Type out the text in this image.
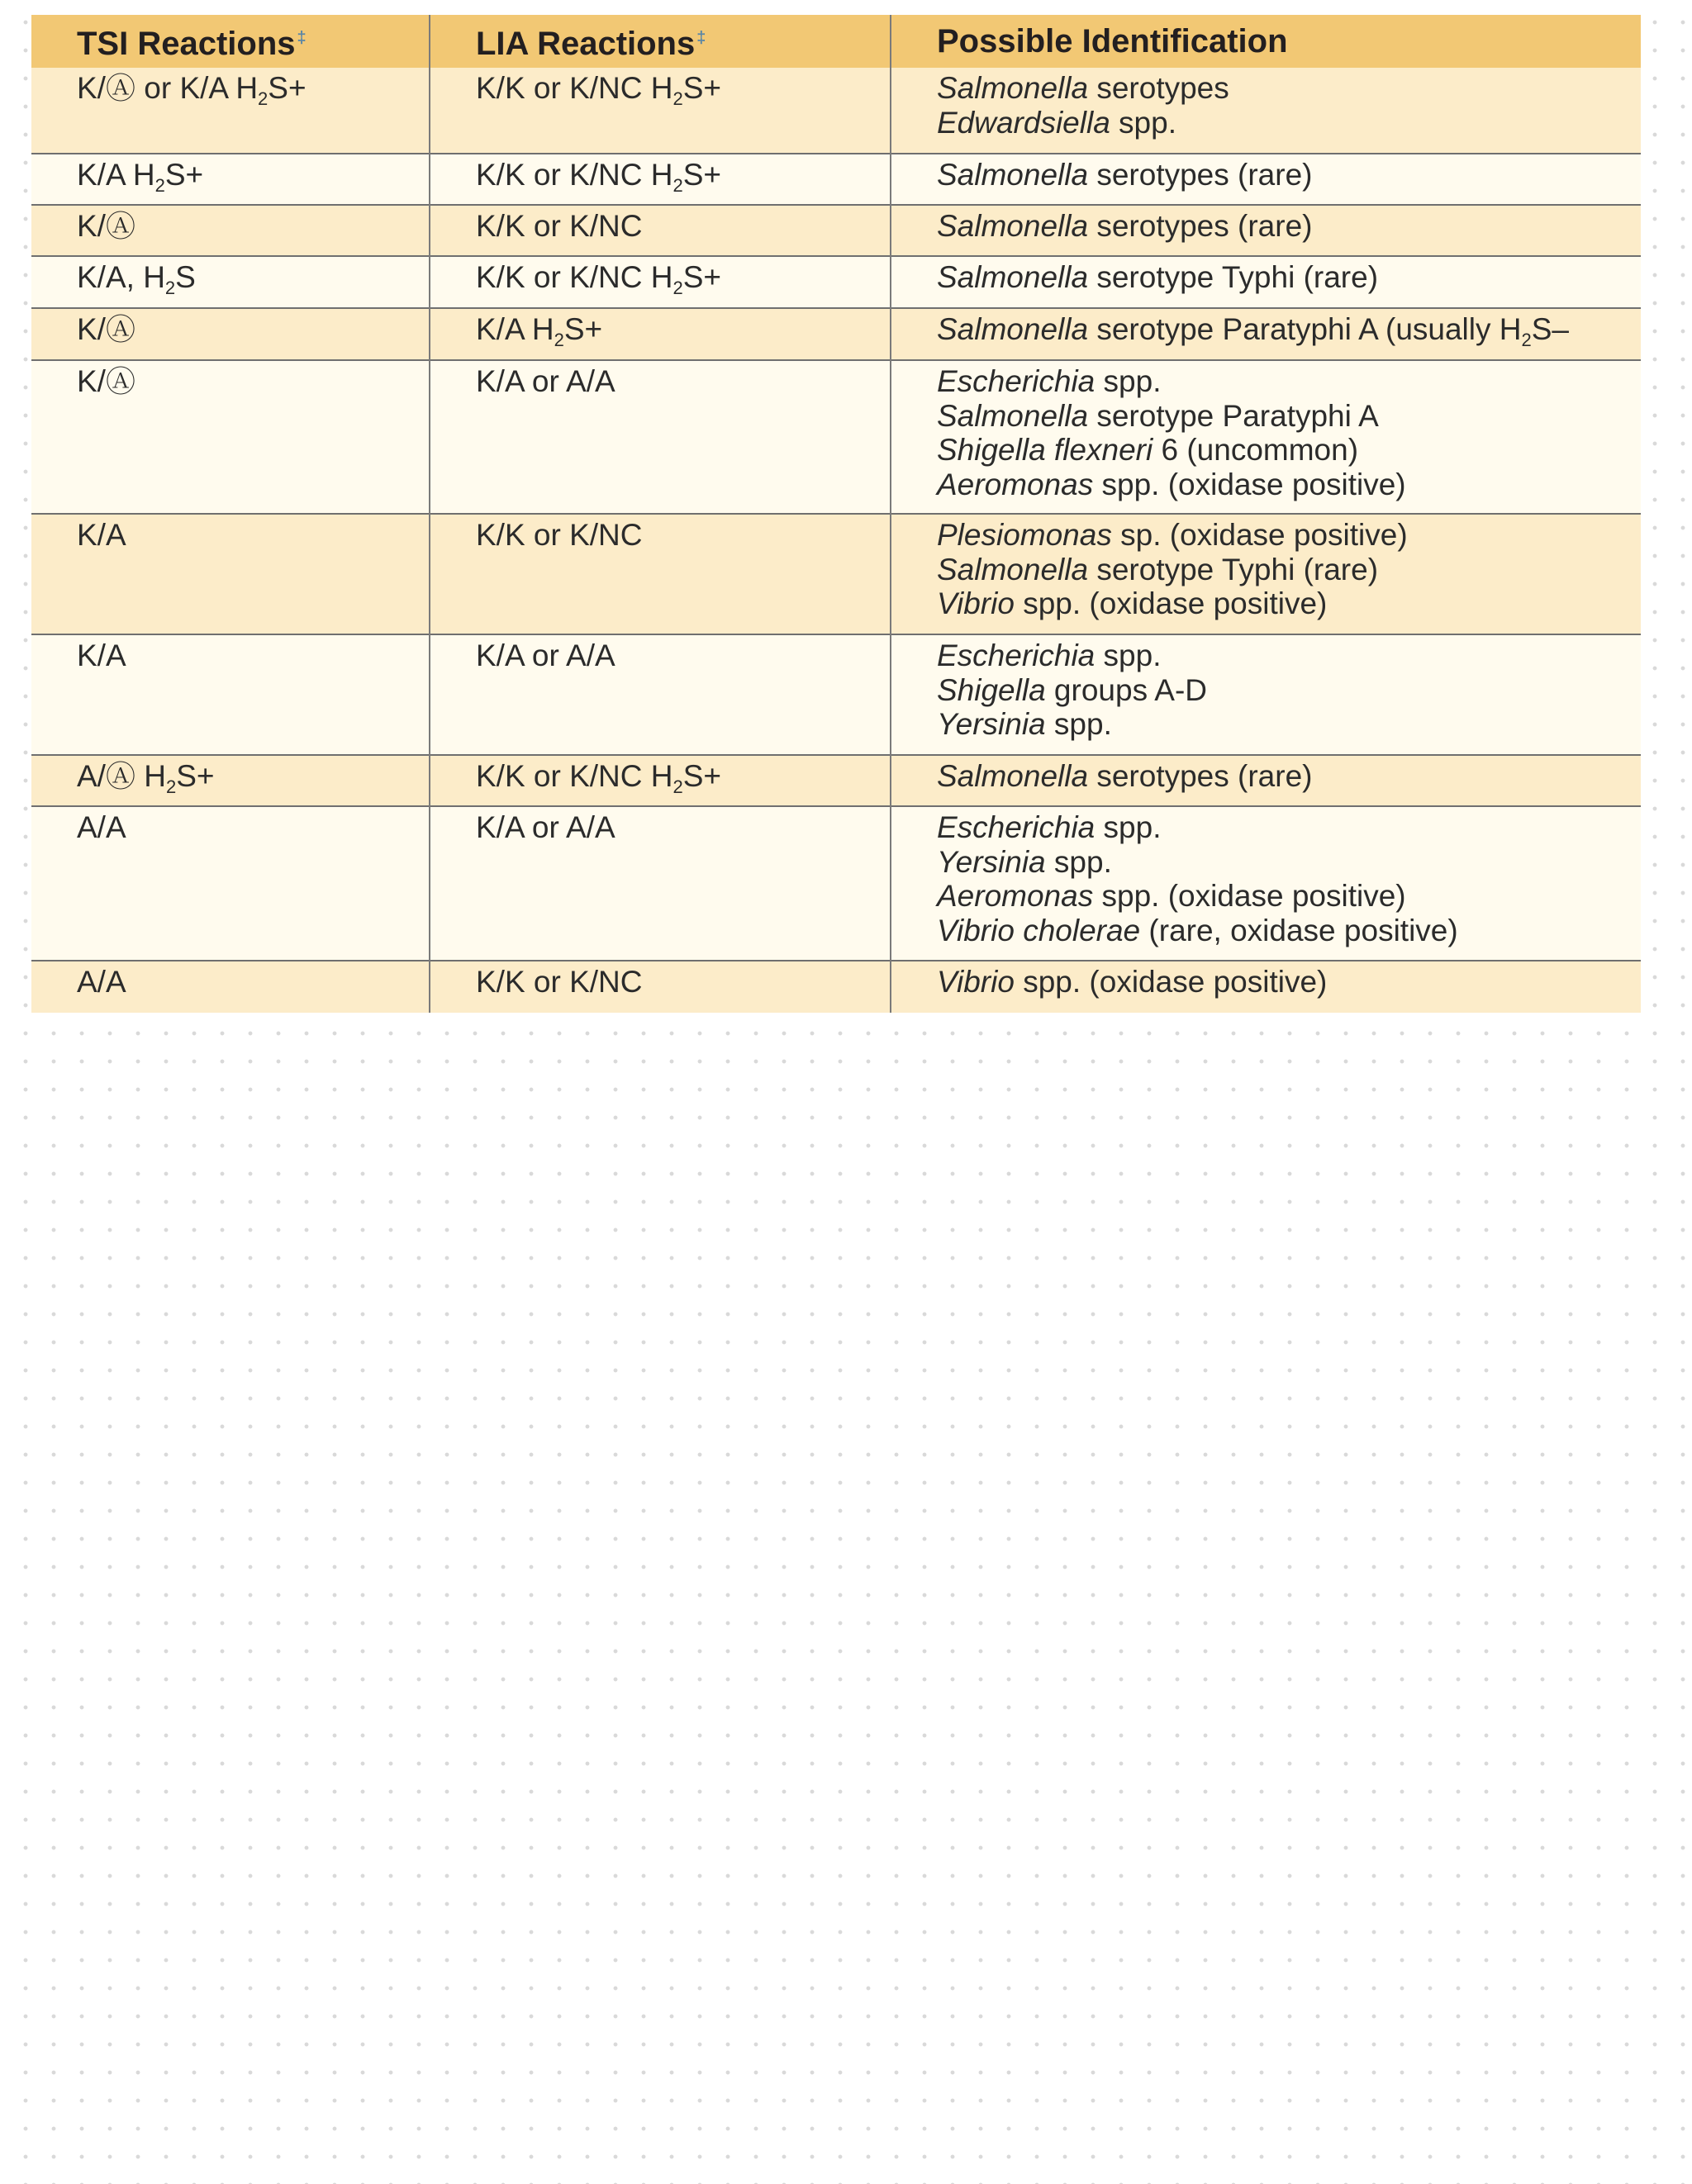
TSI Reactions ‡	LIA Reactions ‡	Possible Identification
K/Ⓐ or K/A $H_2S+$	K/K or K/NC $H_2S+$	Salmonella serotypes
Edwardsiella spp.

K/A $H_2S+$	K/K or K/NC $H_2S+$	Salmonella serotypes (rare)

K/Ⓐ	K/K or K/NC	Salmonella serotypes (rare)

K/A, $H_2S$	K/K or K/NC $H_2S+$	Salmonella serotype Typhi (rare)

K/Ⓐ	K/A $H_2S+$	Salmonella serotype Paratyphi A (usually $H_2S-$

K/Ⓐ	K/A or A/A	Escherichia spp.
Salmonella serotype Paratyphi A
Shigella flexneri 6 (uncommon)
Aeromonas spp. (oxidase positive)

K/A	K/K or K/NC	Plesiomonas sp. (oxidase positive)
Salmonella serotype Typhi (rare)
Vibrio spp. (oxidase positive)

K/A	K/A or A/A	Escherichia spp.
Shigella groups A-D
Yersinia spp.

A/Ⓐ $H_2S+$	K/K or K/NC $H_2S+$	Salmonella serotypes (rare)

A/A	K/A or A/A	Escherichia spp.
Yersinia spp.
Aeromonas spp. (oxidase positive)
Vibrio cholerae (rare, oxidase positive)

A/A	K/K or K/NC	Vibrio spp. (oxidase positive)
